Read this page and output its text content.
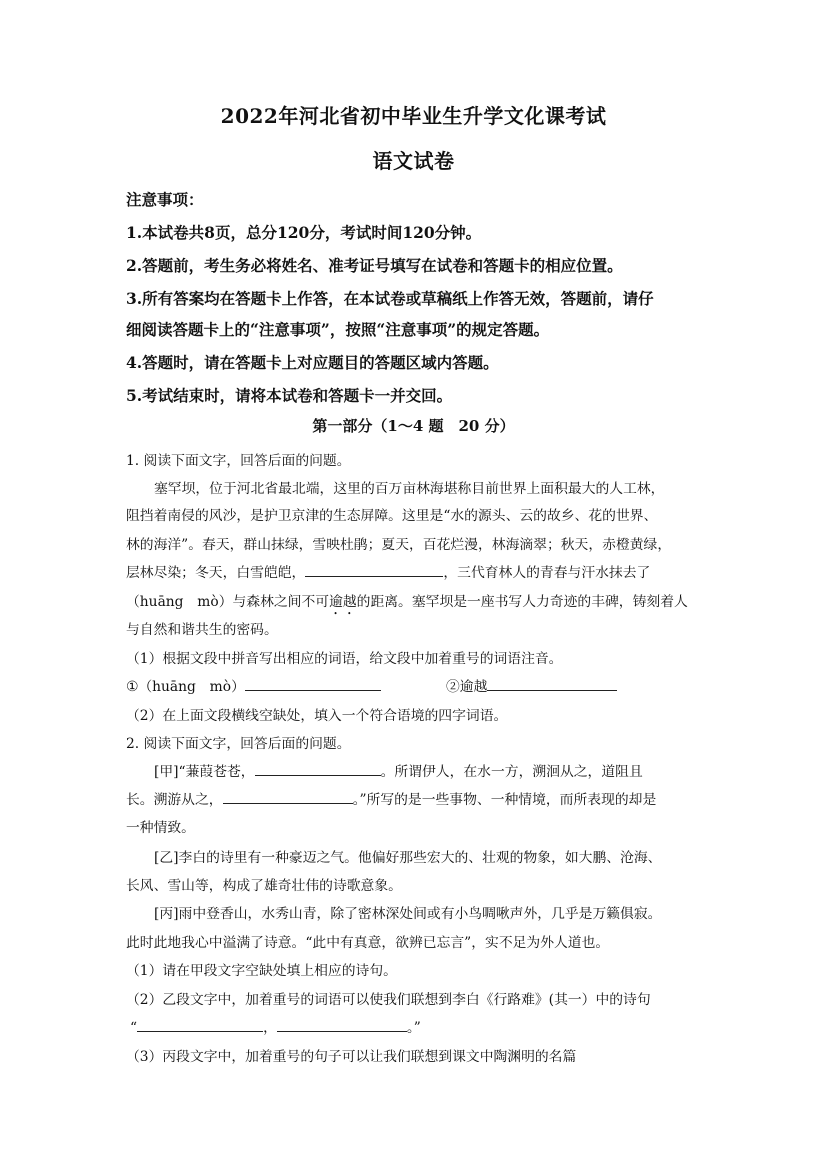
2022年河北省初中毕业生升学文化课考试
语文试卷
注意事项：
1.本试卷共8页，总分120分，考试时间120分钟。
2.答题前，考生务必将姓名、准考证号填写在试卷和答题卡的相应位置。
3.所有答案均在答题卡上作答，在本试卷或草稿纸上作答无效，答题前，请仔
细阅读答题卡上的“注意事项”，按照“注意事项”的规定答题。
4.答题时，请在答题卡上对应题目的答题区域内答题。
5.考试结束时，请将本试卷和答题卡一并交回。
第一部分（1～4 题　20 分）
1. 阅读下面文字，回答后面的问题。
塞罕坝，位于河北省最北端，这里的百万亩林海堪称目前世界上面积最大的人工林，
阻挡着南侵的风沙，是护卫京津的生态屏障。这里是“水的源头、云的故乡、花的世界、
林的海洋”。春天，群山抹绿，雪映杜鹃；夏天，百花烂漫，林海滴翠；秋天，赤橙黄绿，
层林尽染；冬天，白雪皑皑，	，三代育林人的青春与汗水抹去了
（huāng　mò）与森林之间不可逾越的距离。塞罕坝是一座书写人力奇迹的丰碑，铸刻着人
与自然和谐共生的密码。
（1）根据文段中拼音写出相应的词语，给文段中加着重号的词语注音。
①（huāng　mò）	②逾越
（2）在上面文段横线空缺处，填入一个符合语境的四字词语。
2. 阅读下面文字，回答后面的问题。
[甲]“蒹葭苍苍，	。所谓伊人，在水一方，溯洄从之，道阻且
长。溯游从之，	。”所写的是一些事物、一种情境，而所表现的却是
一种情致。
[乙]李白的诗里有一种豪迈之气。他偏好那些宏大的、壮观的物象，如大鹏、沧海、
长风、雪山等，构成了雄奇壮伟的诗歌意象。
[丙]雨中登香山，水秀山青，除了密林深处间或有小鸟啁啾声外，几乎是万籁俱寂。
此时此地我心中溢满了诗意。“此中有真意，欲辨已忘言”，实不足为外人道也。
（1）请在甲段文字空缺处填上相应的诗句。
（2）乙段文字中，加着重号的词语可以使我们联想到李白《行路难》(其一）中的诗句
“	，	。”
（3）丙段文字中，加着重号的句子可以让我们联想到课文中陶渊明的名篇
